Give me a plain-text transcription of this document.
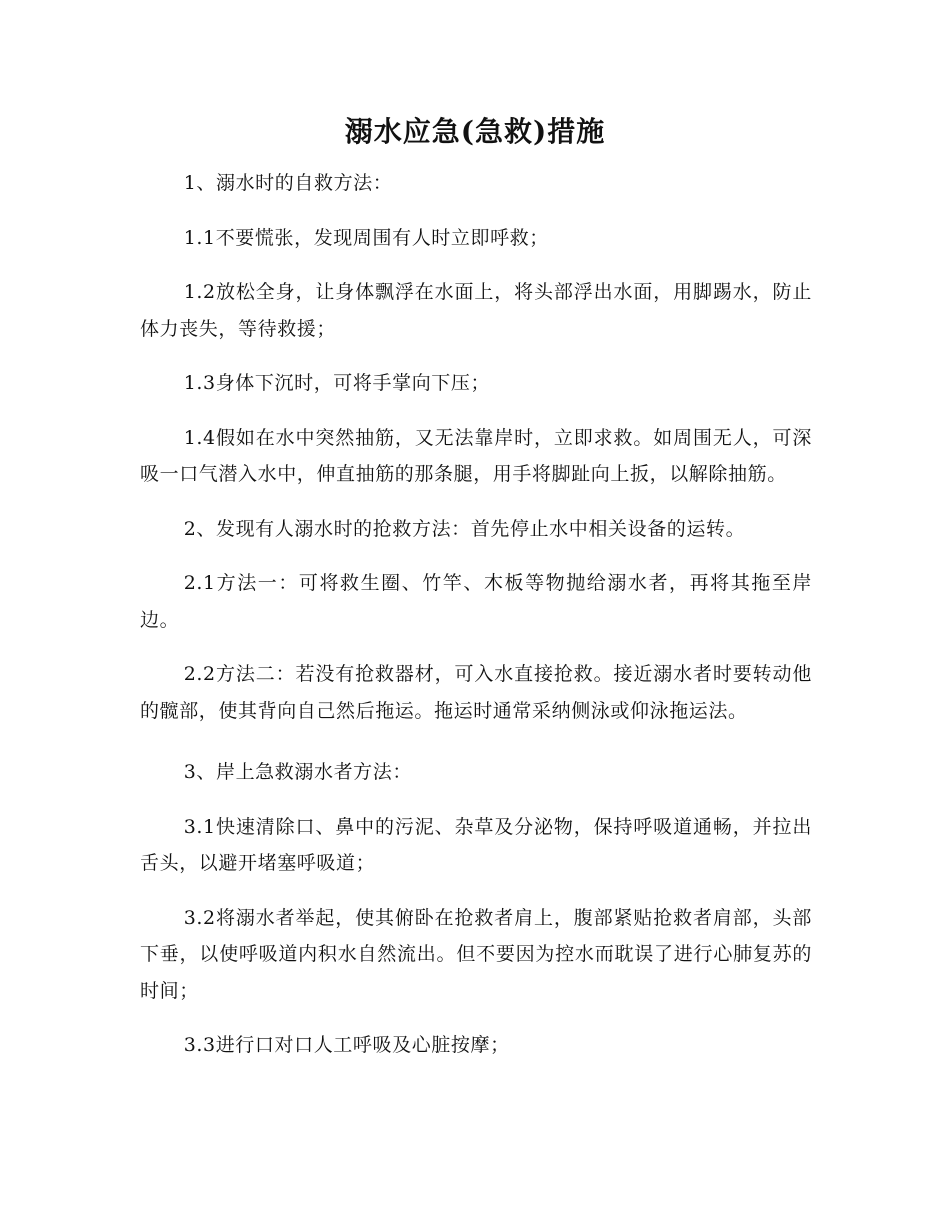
溺水应急(急救)措施

1、溺水时的自救方法：

1.1不要慌张，发现周围有人时立即呼救；

1.2放松全身，让身体飘浮在水面上，将头部浮出水面，用脚踢水，防止体力丧失，等待救援；

1.3身体下沉时，可将手掌向下压；

1.4假如在水中突然抽筋，又无法靠岸时，立即求救。如周围无人，可深吸一口气潜入水中，伸直抽筋的那条腿，用手将脚趾向上扳，以解除抽筋。

2、发现有人溺水时的抢救方法：首先停止水中相关设备的运转。

2.1方法一：可将救生圈、竹竿、木板等物抛给溺水者，再将其拖至岸边。

2.2方法二：若没有抢救器材，可入水直接抢救。接近溺水者时要转动他的髋部，使其背向自己然后拖运。拖运时通常采纳侧泳或仰泳拖运法。

3、岸上急救溺水者方法：

3.1快速清除口、鼻中的污泥、杂草及分泌物，保持呼吸道通畅，并拉出舌头，以避开堵塞呼吸道；

3.2将溺水者举起，使其俯卧在抢救者肩上，腹部紧贴抢救者肩部，头部下垂，以使呼吸道内积水自然流出。但不要因为控水而耽误了进行心肺复苏的时间；

3.3进行口对口人工呼吸及心脏按摩；
